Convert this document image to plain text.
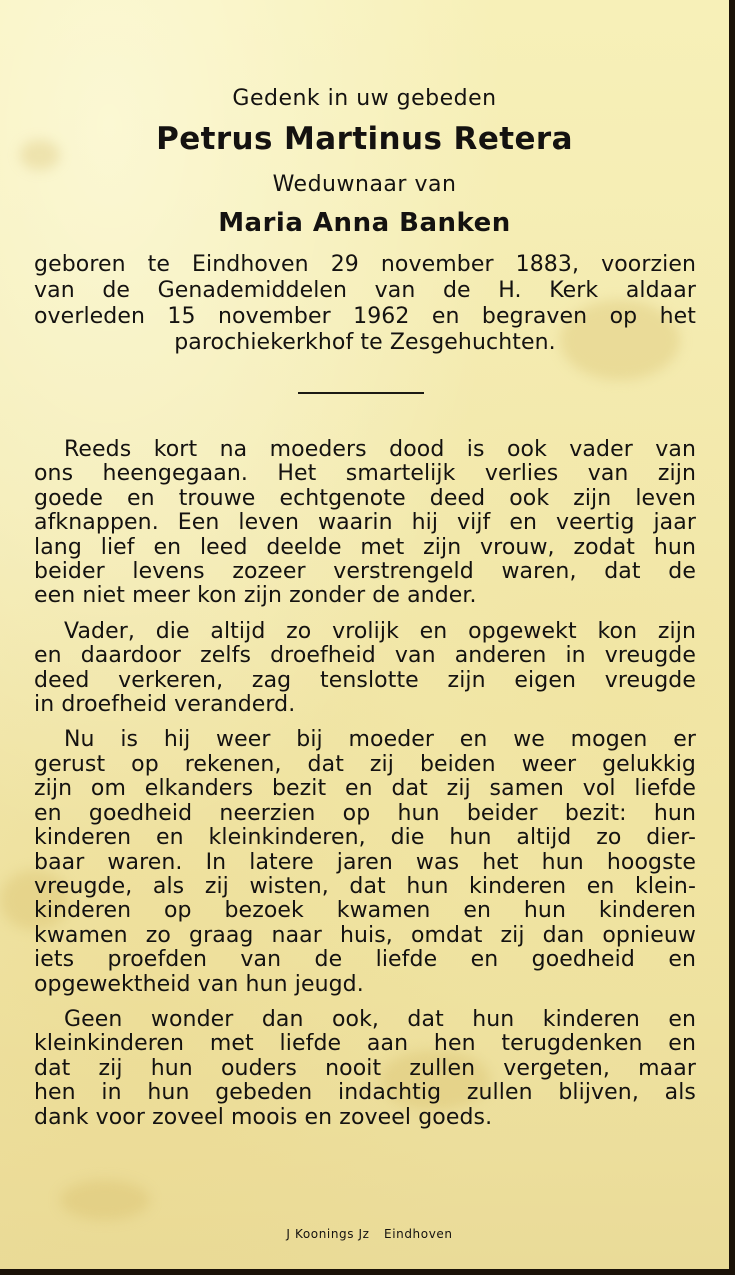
Gedenk in uw gebeden
Petrus Martinus Retera
Weduwnaar van
Maria Anna Banken
geboren te Eindhoven 29 november 1883, voorzien
van de Genademiddelen van de H. Kerk aldaar
overleden 15 november 1962 en begraven op het
parochiekerkhof te Zesgehuchten.
Reeds kort na moeders dood is ook vader van
ons heengegaan. Het smartelijk verlies van zijn
goede en trouwe echtgenote deed ook zijn leven
afknappen. Een leven waarin hij vijf en veertig jaar
lang lief en leed deelde met zijn vrouw, zodat hun
beider levens zozeer verstrengeld waren, dat de
een niet meer kon zijn zonder de ander.
Vader, die altijd zo vrolijk en opgewekt kon zijn
en daardoor zelfs droefheid van anderen in vreugde
deed verkeren, zag tenslotte zijn eigen vreugde
in droefheid veranderd.
Nu is hij weer bij moeder en we mogen er
gerust op rekenen, dat zij beiden weer gelukkig
zijn om elkanders bezit en dat zij samen vol liefde
en goedheid neerzien op hun beider bezit: hun
kinderen en kleinkinderen, die hun altijd zo dier-
baar waren. In latere jaren was het hun hoogste
vreugde, als zij wisten, dat hun kinderen en klein-
kinderen op bezoek kwamen en hun kinderen
kwamen zo graag naar huis, omdat zij dan opnieuw
iets proefden van de liefde en goedheid en
opgewektheid van hun jeugd.
Geen wonder dan ook, dat hun kinderen en
kleinkinderen met liefde aan hen terugdenken en
dat zij hun ouders nooit zullen vergeten, maar
hen in hun gebeden indachtig zullen blijven, als
dank voor zoveel moois en zoveel goeds.
J Koonings Jz Eindhoven
